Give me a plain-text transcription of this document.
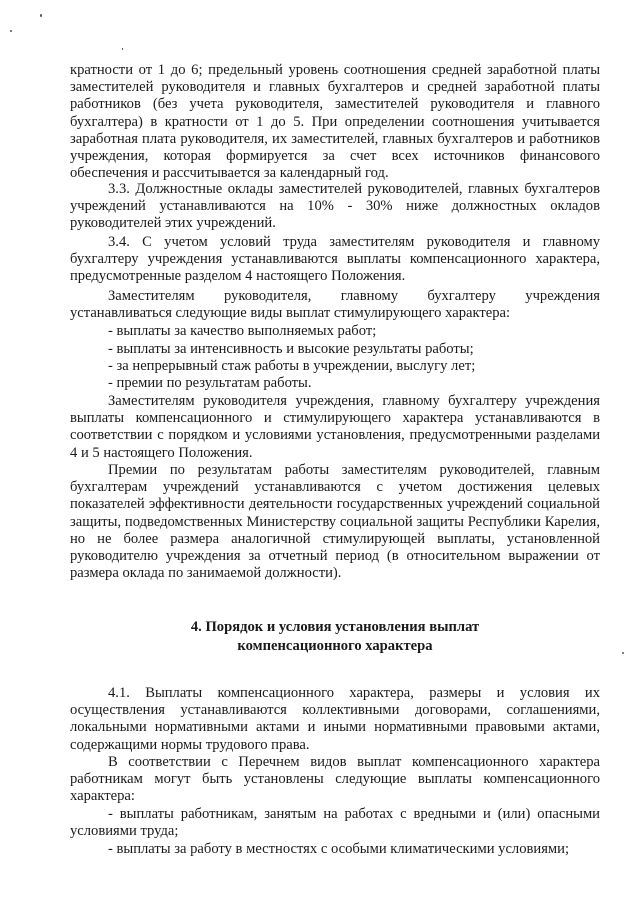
кратности от 1 до 6; предельный уровень соотношения средней заработной платы заместителей руководителя и главных бухгалтеров и средней заработной платы работников (без учета руководителя, заместителей руководителя и главного бухгалтера) в кратности от 1 до 5. При определении соотношения учитывается заработная плата руководителя, их заместителей, главных бухгалтеров и работников учреждения, которая формируется за счет всех источников финансового обеспечения и рассчитывается за календарный год.

3.3. Должностные оклады заместителей руководителей, главных бухгалтеров учреждений устанавливаются на 10% - 30% ниже должностных окладов руководителей этих учреждений.

3.4. С учетом условий труда заместителям руководителя и главному бухгалтеру учреждения устанавливаются выплаты компенсационного характера, предусмотренные разделом 4 настоящего Положения.

Заместителям руководителя, главному бухгалтеру учреждения устанавливаться следующие виды выплат стимулирующего характера:

- выплаты за качество выполняемых работ;

- выплаты за интенсивность и высокие результаты работы;

- за непрерывный стаж работы в учреждении, выслугу лет;

- премии по результатам работы.

Заместителям руководителя учреждения, главному бухгалтеру учреждения выплаты компенсационного и стимулирующего характера устанавливаются в соответствии с порядком и условиями установления, предусмотренными разделами 4 и 5 настоящего Положения.

Премии по результатам работы заместителям руководителей, главным бухгалтерам учреждений устанавливаются с учетом достижения целевых показателей эффективности деятельности государственных учреждений социальной защиты, подведомственных Министерству социальной защиты Республики Карелия, но не более размера аналогичной стимулирующей выплаты, установленной руководителю учреждения за отчетный период (в относительном выражении от размера оклада по занимаемой должности).

4. Порядок и условия установления выплат
компенсационного характера

4.1. Выплаты компенсационного характера, размеры и условия их осуществления устанавливаются коллективными договорами, соглашениями, локальными нормативными актами и иными нормативными правовыми актами, содержащими нормы трудового права.

В соответствии с Перечнем видов выплат компенсационного характера работникам могут быть установлены следующие выплаты компенсационного характера:

- выплаты работникам, занятым на работах с вредными и (или) опасными условиями труда;

- выплаты за работу в местностях с особыми климатическими условиями;
